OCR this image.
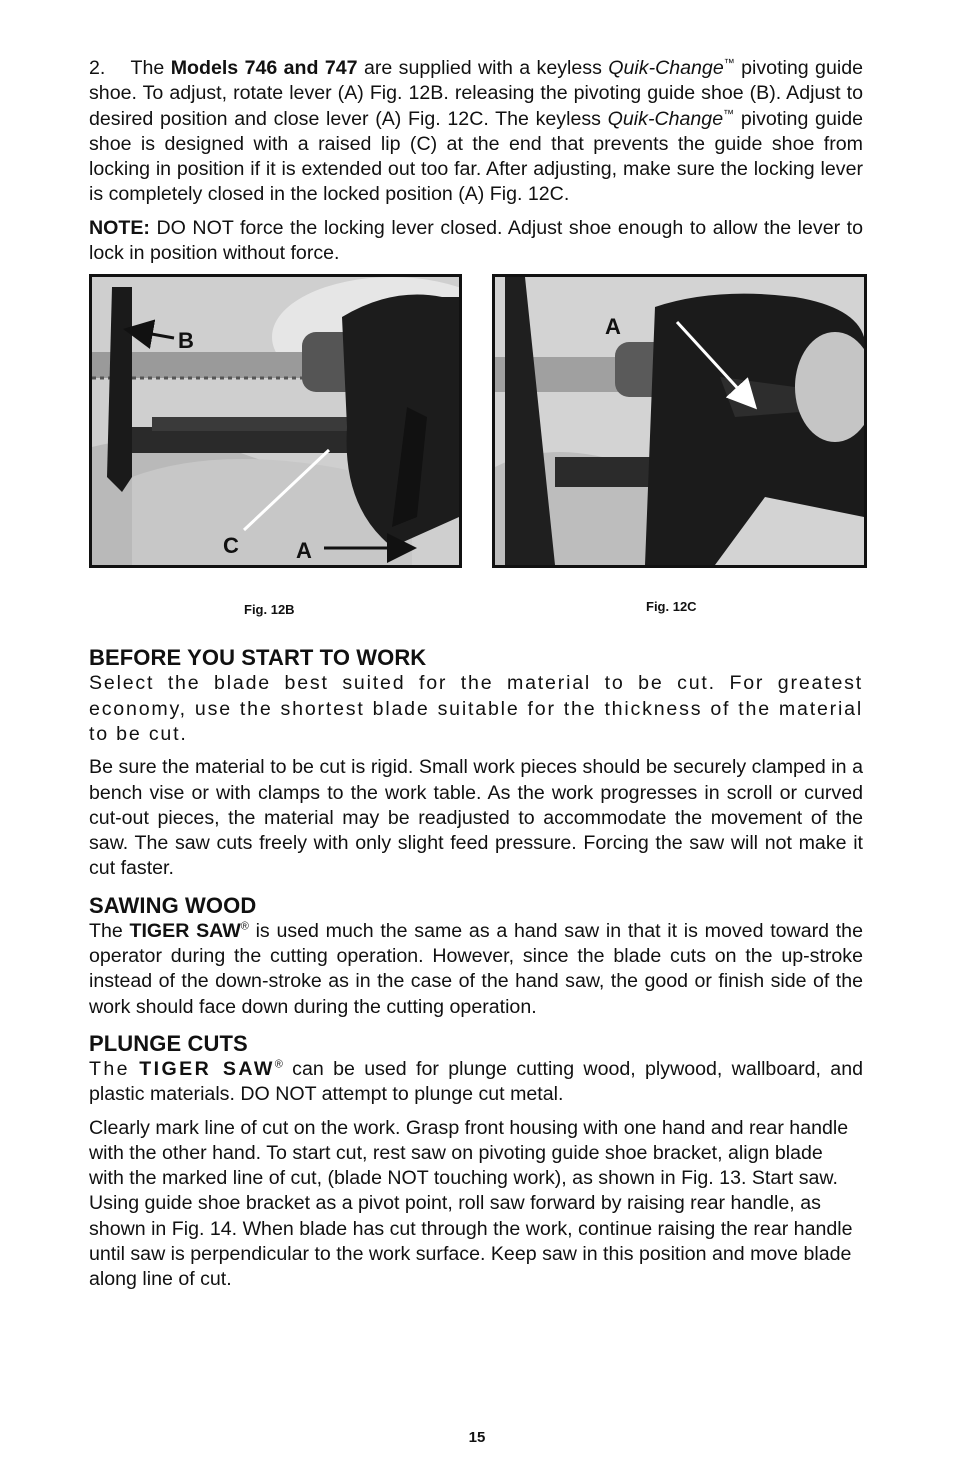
2. The Models 746 and 747 are supplied with a keyless Quik-Change™ pivoting guide shoe. To adjust, rotate lever (A) Fig. 12B. releasing the pivoting guide shoe (B). Adjust to desired position and close lever (A) Fig. 12C. The keyless Quik-Change™ pivoting guide shoe is designed with a raised lip (C) at the end that prevents the guide shoe from locking in position if it is extended out too far. After adjusting, make sure the locking lever is completely closed in the locked position (A) Fig. 12C.

NOTE: DO NOT force the locking lever closed. Adjust shoe enough to allow the lever to lock in position without force.

BEFORE YOU START TO WORK

Select the blade best suited for the material to be cut. For greatest economy, use the shortest blade suitable for the thickness of the material to be cut.

Be sure the material to be cut is rigid. Small work pieces should be securely clamped in a bench vise or with clamps to the work table. As the work progresses in scroll or curved cut-out pieces, the material may be readjusted to accommodate the movement of the saw. The saw cuts freely with only slight feed pressure. Forcing the saw will not make it cut faster.

SAWING WOOD

The TIGER SAW® is used much the same as a hand saw in that it is moved toward the operator during the cutting operation. However, since the blade cuts on the up-stroke instead of the down-stroke as in the case of the hand saw, the good or finish side of the work should face down during the cutting operation.

PLUNGE CUTS

The TIGER SAW® can be used for plunge cutting wood, plywood, wallboard, and plastic materials. DO NOT attempt to plunge cut metal.

Clearly mark line of cut on the work. Grasp front housing with one hand and rear handle with the other hand. To start cut, rest saw on pivoting guide shoe bracket, align blade with the marked line of cut, (blade NOT touching work), as shown in Fig. 13. Start saw. Using guide shoe bracket as a pivot point, roll saw forward by raising rear handle, as shown in Fig. 14. When blade has cut through the work, continue raising the rear handle until saw is perpendicular to the work surface. Keep saw in this position and move blade along line of cut.

B
C	A
A
Fig. 12B	Fig. 12C
15
